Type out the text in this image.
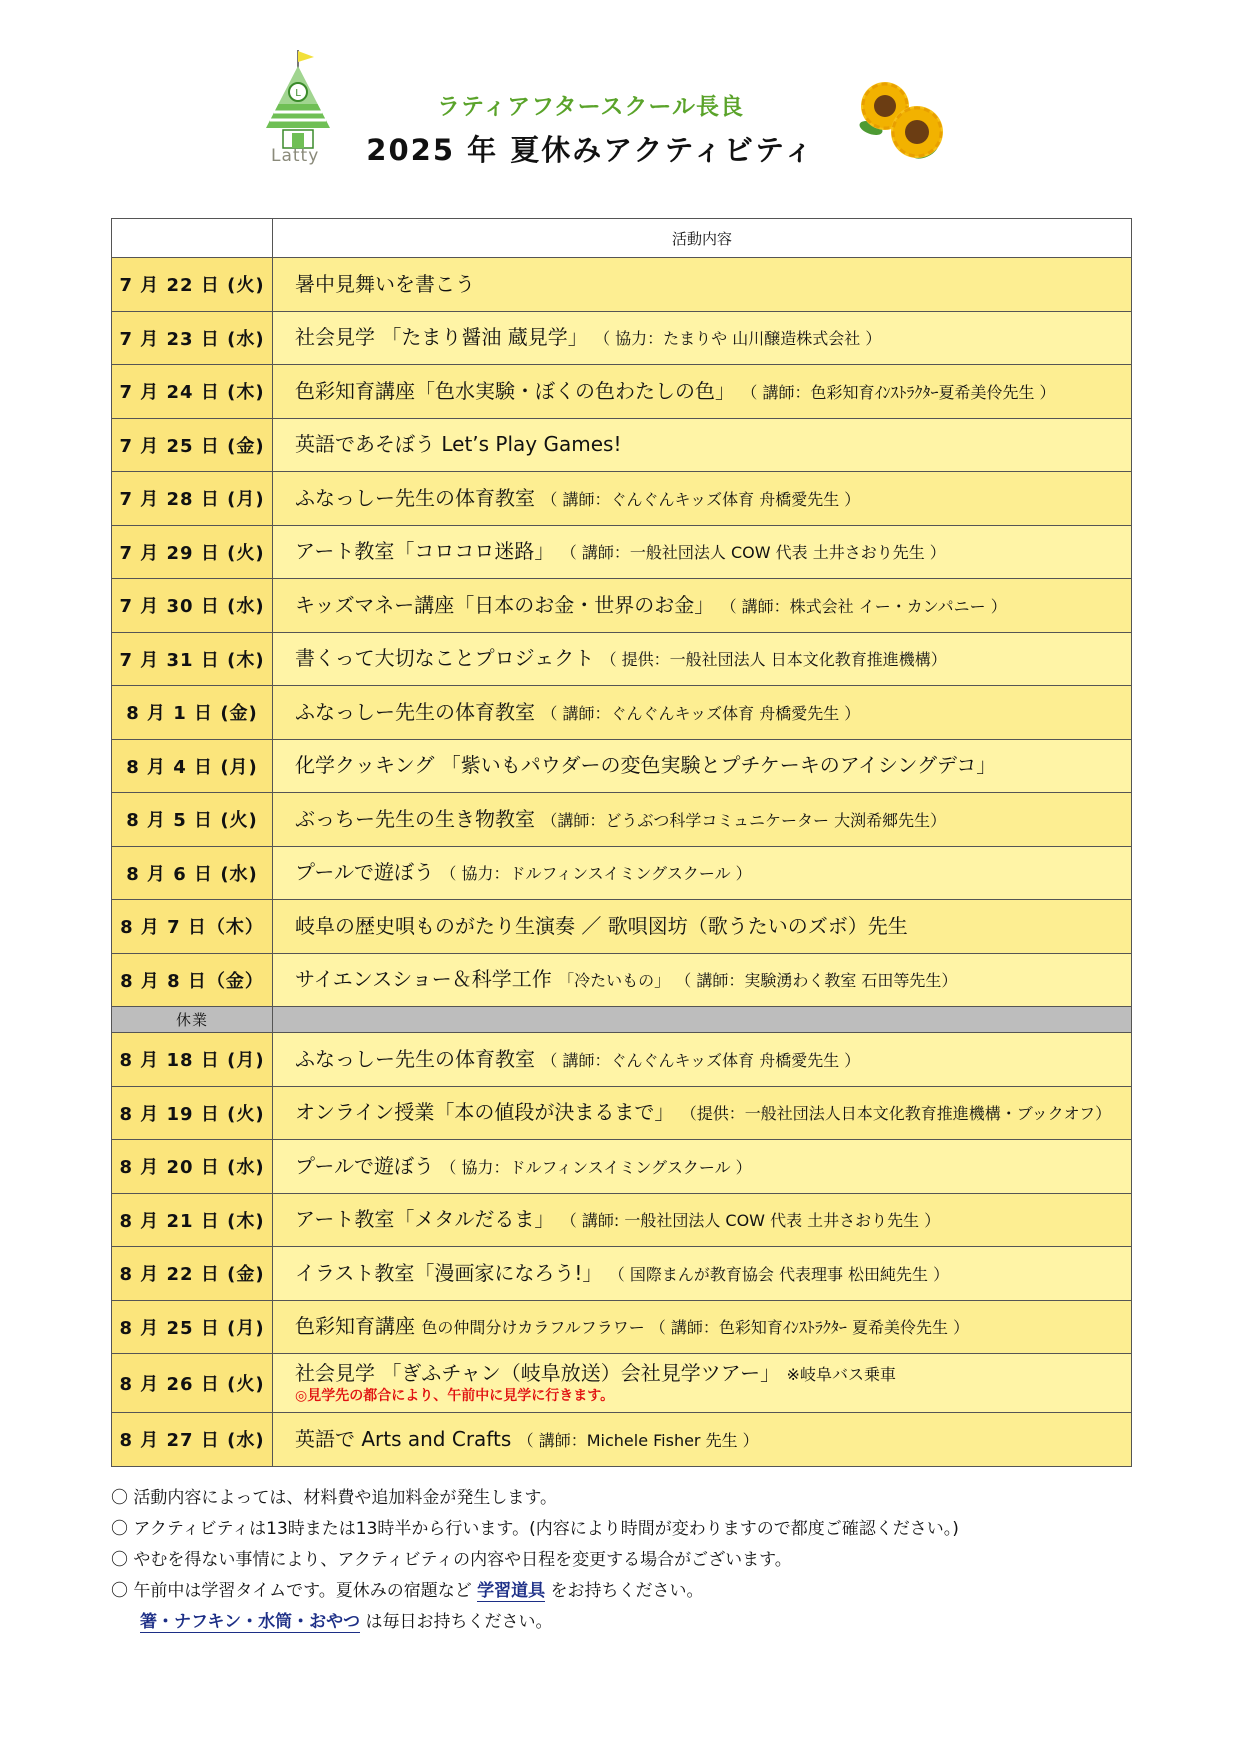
L
Latty
ラティアフタースクール長良
2025 年 夏休みアクティビティ
	活動内容
7 月 22 日 (火)	暑中見舞いを書こう

7 月 23 日 (水)	社会見学 「たまり醤油 蔵見学」 （ 協力：たまりや 山川醸造株式会社 ）

7 月 24 日 (木)	色彩知育講座「色水実験・ぼくの色わたしの色」 （ 講師：色彩知育ｲﾝｽﾄﾗｸﾀｰ夏希美伶先生 ）

7 月 25 日 (金)	英語であそぼう Let’s Play Games!

7 月 28 日 (月)	ふなっしー先生の体育教室 （ 講師：ぐんぐんキッズ体育 舟橋愛先生 ）

7 月 29 日 (火)	アート教室「コロコロ迷路」 （ 講師：一般社団法人 COW 代表 土井さおり先生 ）

7 月 30 日 (水)	キッズマネー講座「日本のお金・世界のお金」 （ 講師：株式会社 イー・カンパニー ）

7 月 31 日 (木)	書くって大切なことプロジェクト （ 提供：一般社団法人 日本文化教育推進機構）

8 月 1 日 (金)	ふなっしー先生の体育教室 （ 講師：ぐんぐんキッズ体育 舟橋愛先生 ）

8 月 4 日 (月)	化学クッキング 「紫いもパウダーの変色実験とプチケーキのアイシングデコ」

8 月 5 日 (火)	ぶっちー先生の生き物教室 （講師：どうぶつ科学コミュニケーター 大渕希郷先生）

8 月 6 日 (水)	プールで遊ぼう （ 協力：ドルフィンスイミングスクール ）

8 月 7 日（木）	岐阜の歴史唄ものがたり生演奏 ／ 歌唄図坊（歌うたいのズボ）先生

8 月 8 日（金）	サイエンスショー＆科学工作 「冷たいもの」 （ 講師：実験湧わく教室 石田等先生）

休業	
8 月 18 日 (月)	ふなっしー先生の体育教室 （ 講師：ぐんぐんキッズ体育 舟橋愛先生 ）

8 月 19 日 (火)	オンライン授業「本の値段が決まるまで」 （提供：一般社団法人日本文化教育推進機構・ブックオフ）

8 月 20 日 (水)	プールで遊ぼう （ 協力：ドルフィンスイミングスクール ）

8 月 21 日 (木)	アート教室「メタルだるま」 （ 講師: 一般社団法人 COW 代表 土井さおり先生 ）

8 月 22 日 (金)	イラスト教室「漫画家になろう!」 （ 国際まんが教育協会 代表理事 松田純先生 ）

8 月 25 日 (月)	色彩知育講座 色の仲間分けカラフルフラワー （ 講師：色彩知育ｲﾝｽﾄﾗｸﾀｰ 夏希美伶先生 ）

8 月 26 日 (火)	社会見学 「ぎふチャン（岐阜放送）会社見学ツアー」 ※岐阜バス乗車
◎見学先の都合により、午前中に見学に行きます。

8 月 27 日 (水)	英語で Arts and Crafts （ 講師：Michele Fisher 先生 ）
〇 活動内容によっては、材料費や追加料金が発生します。
〇 アクティビティは13時または13時半から行います。(内容により時間が変わりますので都度ご確認ください。)
〇 やむを得ない事情により、アクティビティの内容や日程を変更する場合がございます。
〇 午前中は学習タイムです。夏休みの宿題など 学習道具 をお持ちください。
箸・ナフキン・水筒・おやつ は毎日お持ちください。
